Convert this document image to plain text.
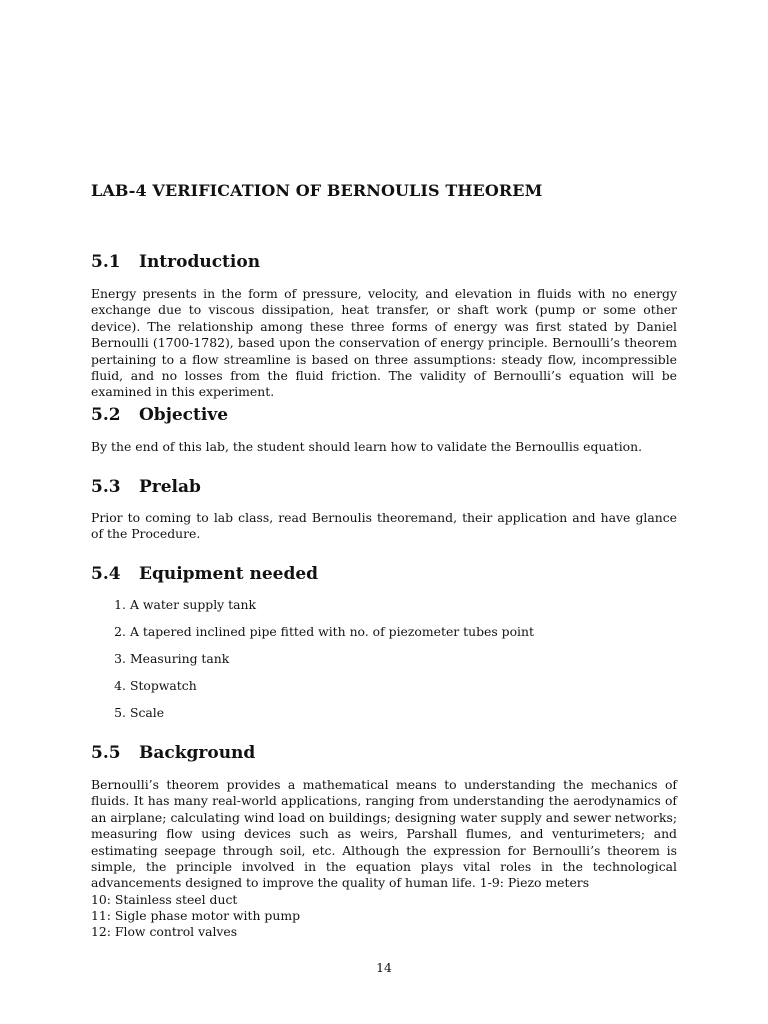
LAB-4 VERIFICATION OF BERNOULIS THEOREM
5.1 Introduction

Energy presents in the form of pressure, velocity, and elevation in fluids with no energy exchange due to viscous dissipation, heat transfer, or shaft work (pump or some other device). The relationship among these three forms of energy was first stated by Daniel Bernoulli (1700-1782), based upon the conservation of energy principle. Bernoulli’s theorem pertaining to a flow streamline is based on three assumptions: steady flow, incompressible fluid, and no losses from the fluid friction. The validity of Bernoulli’s equation will be examined in this experiment.

5.2 Objective

By the end of this lab, the student should learn how to validate the Bernoullis equation.

5.3 Prelab

Prior to coming to lab class, read Bernoulis theoremand, their application and have glance of the Procedure.

5.4 Equipment needed
1. A water supply tank
2. A tapered inclined pipe fitted with no. of piezometer tubes point
3. Measuring tank
4. Stopwatch
5. Scale
5.5 Background

Bernoulli’s theorem provides a mathematical means to understanding the mechanics of fluids. It has many real-world applications, ranging from understanding the aerodynamics of an airplane; calculating wind load on buildings; designing water supply and sewer networks; measuring flow using devices such as weirs, Parshall flumes, and venturimeters; and estimating seepage through soil, etc. Although the expression for Bernoulli’s theorem is simple, the principle involved in the equation plays vital roles in the technological advancements designed to improve the quality of human life. 1-9: Piezo meters

10: Stainless steel duct
11: Sigle phase motor with pump
12: Flow control valves
14
